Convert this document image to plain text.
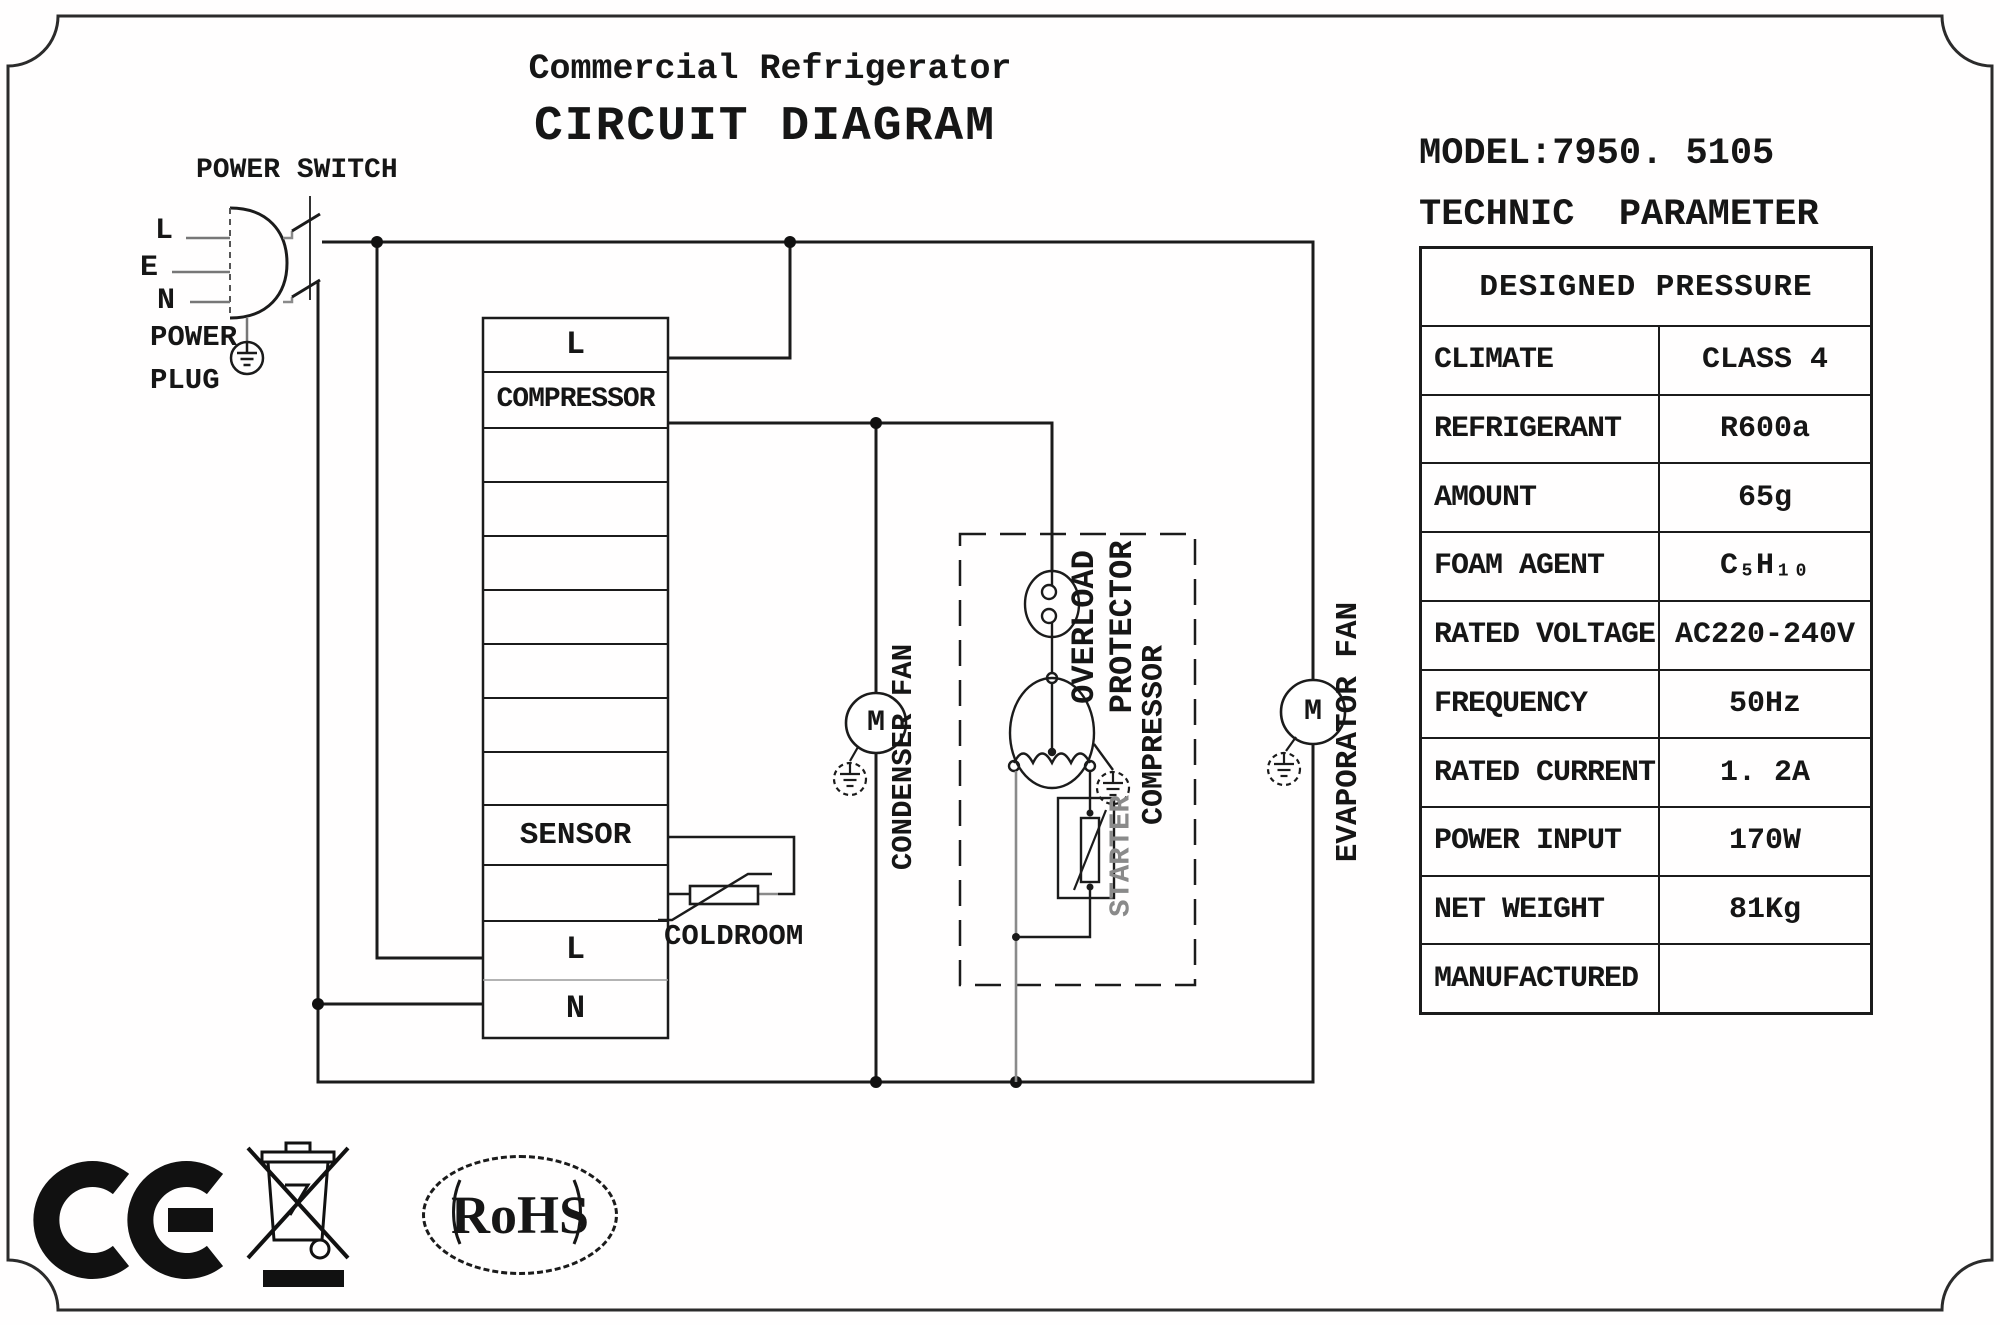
Commercial Refrigerator
CIRCUIT DIAGRAM
POWER SWITCH
L
E
N
POWER
PLUG
L
COMPRESSOR
SENSOR
L
N
COLDROOM
M	M
CONDENSER FAN	EVAPORATOR FAN
OVERLOAD PROTECTOR
COMPRESSOR
STARTER
MODEL:7950. 5105
TECHNIC  PARAMETER
DESIGNED PRESSURE
CLIMATE	CLASS 4
REFRIGERANT	R600a
AMOUNT	65g
FOAM AGENT	C₅H₁₀
RATED VOLTAGE AC220-240V
FREQUENCY	50Hz
RATED CURRENT	1. 2A
POWER INPUT	170W
NET WEIGHT	81Kg
MANUFACTURED
RoHS
